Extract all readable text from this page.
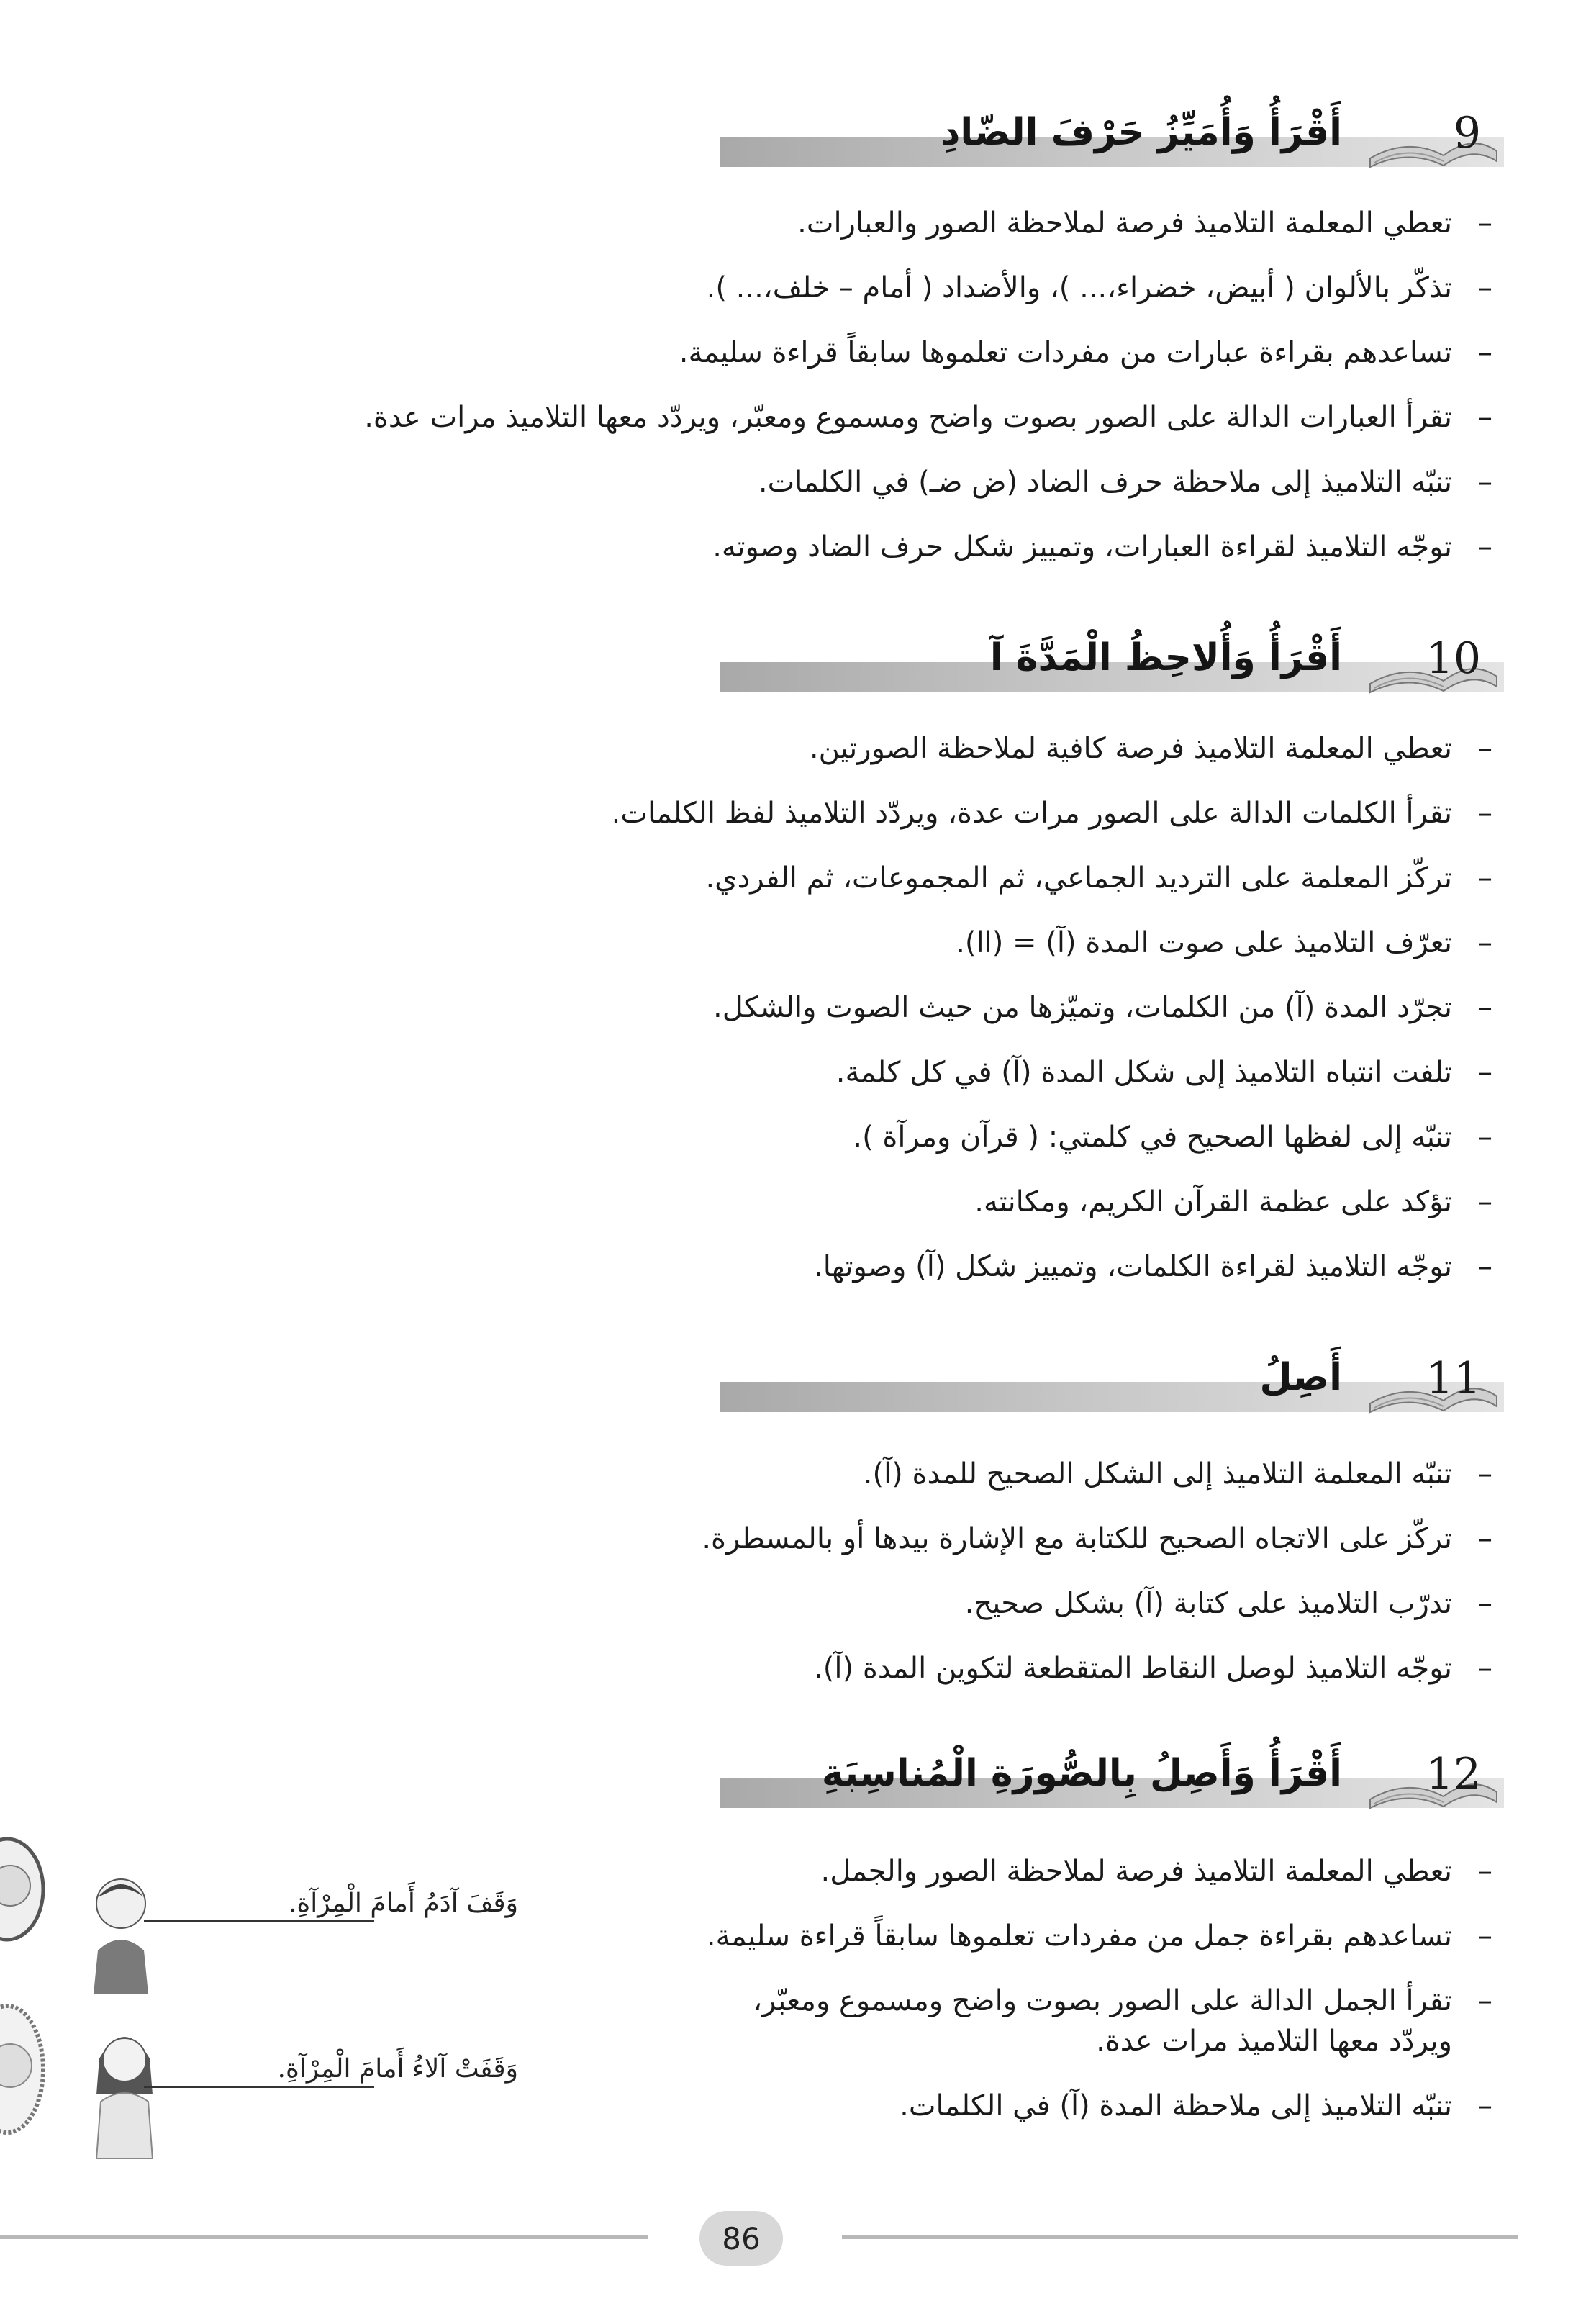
أَقْرَأُ وَأُمَيِّزُ حَرْفَ الضّادِ	9
– تعطي المعلمة التلاميذ فرصة لملاحظة الصور والعبارات.
– تذكّر بالألوان ( أبيض، خضراء،... )، والأضداد ( أمام – خلف،... ).
– تساعدهم بقراءة عبارات من مفردات تعلموها سابقاً قراءة سليمة.
– تقرأ العبارات الدالة على الصور بصوت واضح ومسموع ومعبّر، ويردّد معها التلاميذ مرات عدة.
– تنبّه التلاميذ إلى ملاحظة حرف الضاد (ض ضـ) في الكلمات.
– توجّه التلاميذ لقراءة العبارات، وتمييز شكل حرف الضاد وصوته.
أَقْرَأُ وَأُلاحِظُ الْمَدَّةَ آ 10
– تعطي المعلمة التلاميذ فرصة كافية لملاحظة الصورتين.
– تقرأ الكلمات الدالة على الصور مرات عدة، ويردّد التلاميذ لفظ الكلمات.
– تركّز المعلمة على الترديد الجماعي، ثم المجموعات، ثم الفردي.
– تعرّف التلاميذ على صوت المدة (آ) = (اا).
– تجرّد المدة (آ) من الكلمات، وتميّزها من حيث الصوت والشكل.
– تلفت انتباه التلاميذ إلى شكل المدة (آ) في كل كلمة.
– تنبّه إلى لفظها الصحيح في كلمتي: ( قرآن ومرآة ).
– تؤكد على عظمة القرآن الكريم، ومكانته.
– توجّه التلاميذ لقراءة الكلمات، وتمييز شكل (آ) وصوتها.
أَصِلُ 11
– تنبّه المعلمة التلاميذ إلى الشكل الصحيح للمدة (آ).
– تركّز على الاتجاه الصحيح للكتابة مع الإشارة بيدها أو بالمسطرة.
– تدرّب التلاميذ على كتابة (آ) بشكل صحيح.
– توجّه التلاميذ لوصل النقاط المتقطعة لتكوين المدة (آ).
أَقْرَأُ وَأَصِلُ بِالصُّورَةِ الْمُناسِبَةِ 12
– تعطي المعلمة التلاميذ فرصة لملاحظة الصور والجمل.
– تساعدهم بقراءة جمل من مفردات تعلموها سابقاً قراءة سليمة.
– تقرأ الجمل الدالة على الصور بصوت واضح ومسموع ومعبّر،
ويردّد معها التلاميذ مرات عدة.
– تنبّه التلاميذ إلى ملاحظة المدة (آ) في الكلمات.
وَقَفَ آدَمُ أَمامَ الْمِرْآةِ.
وَقَفَتْ آلاءُ أَمامَ الْمِرْآةِ.
86
